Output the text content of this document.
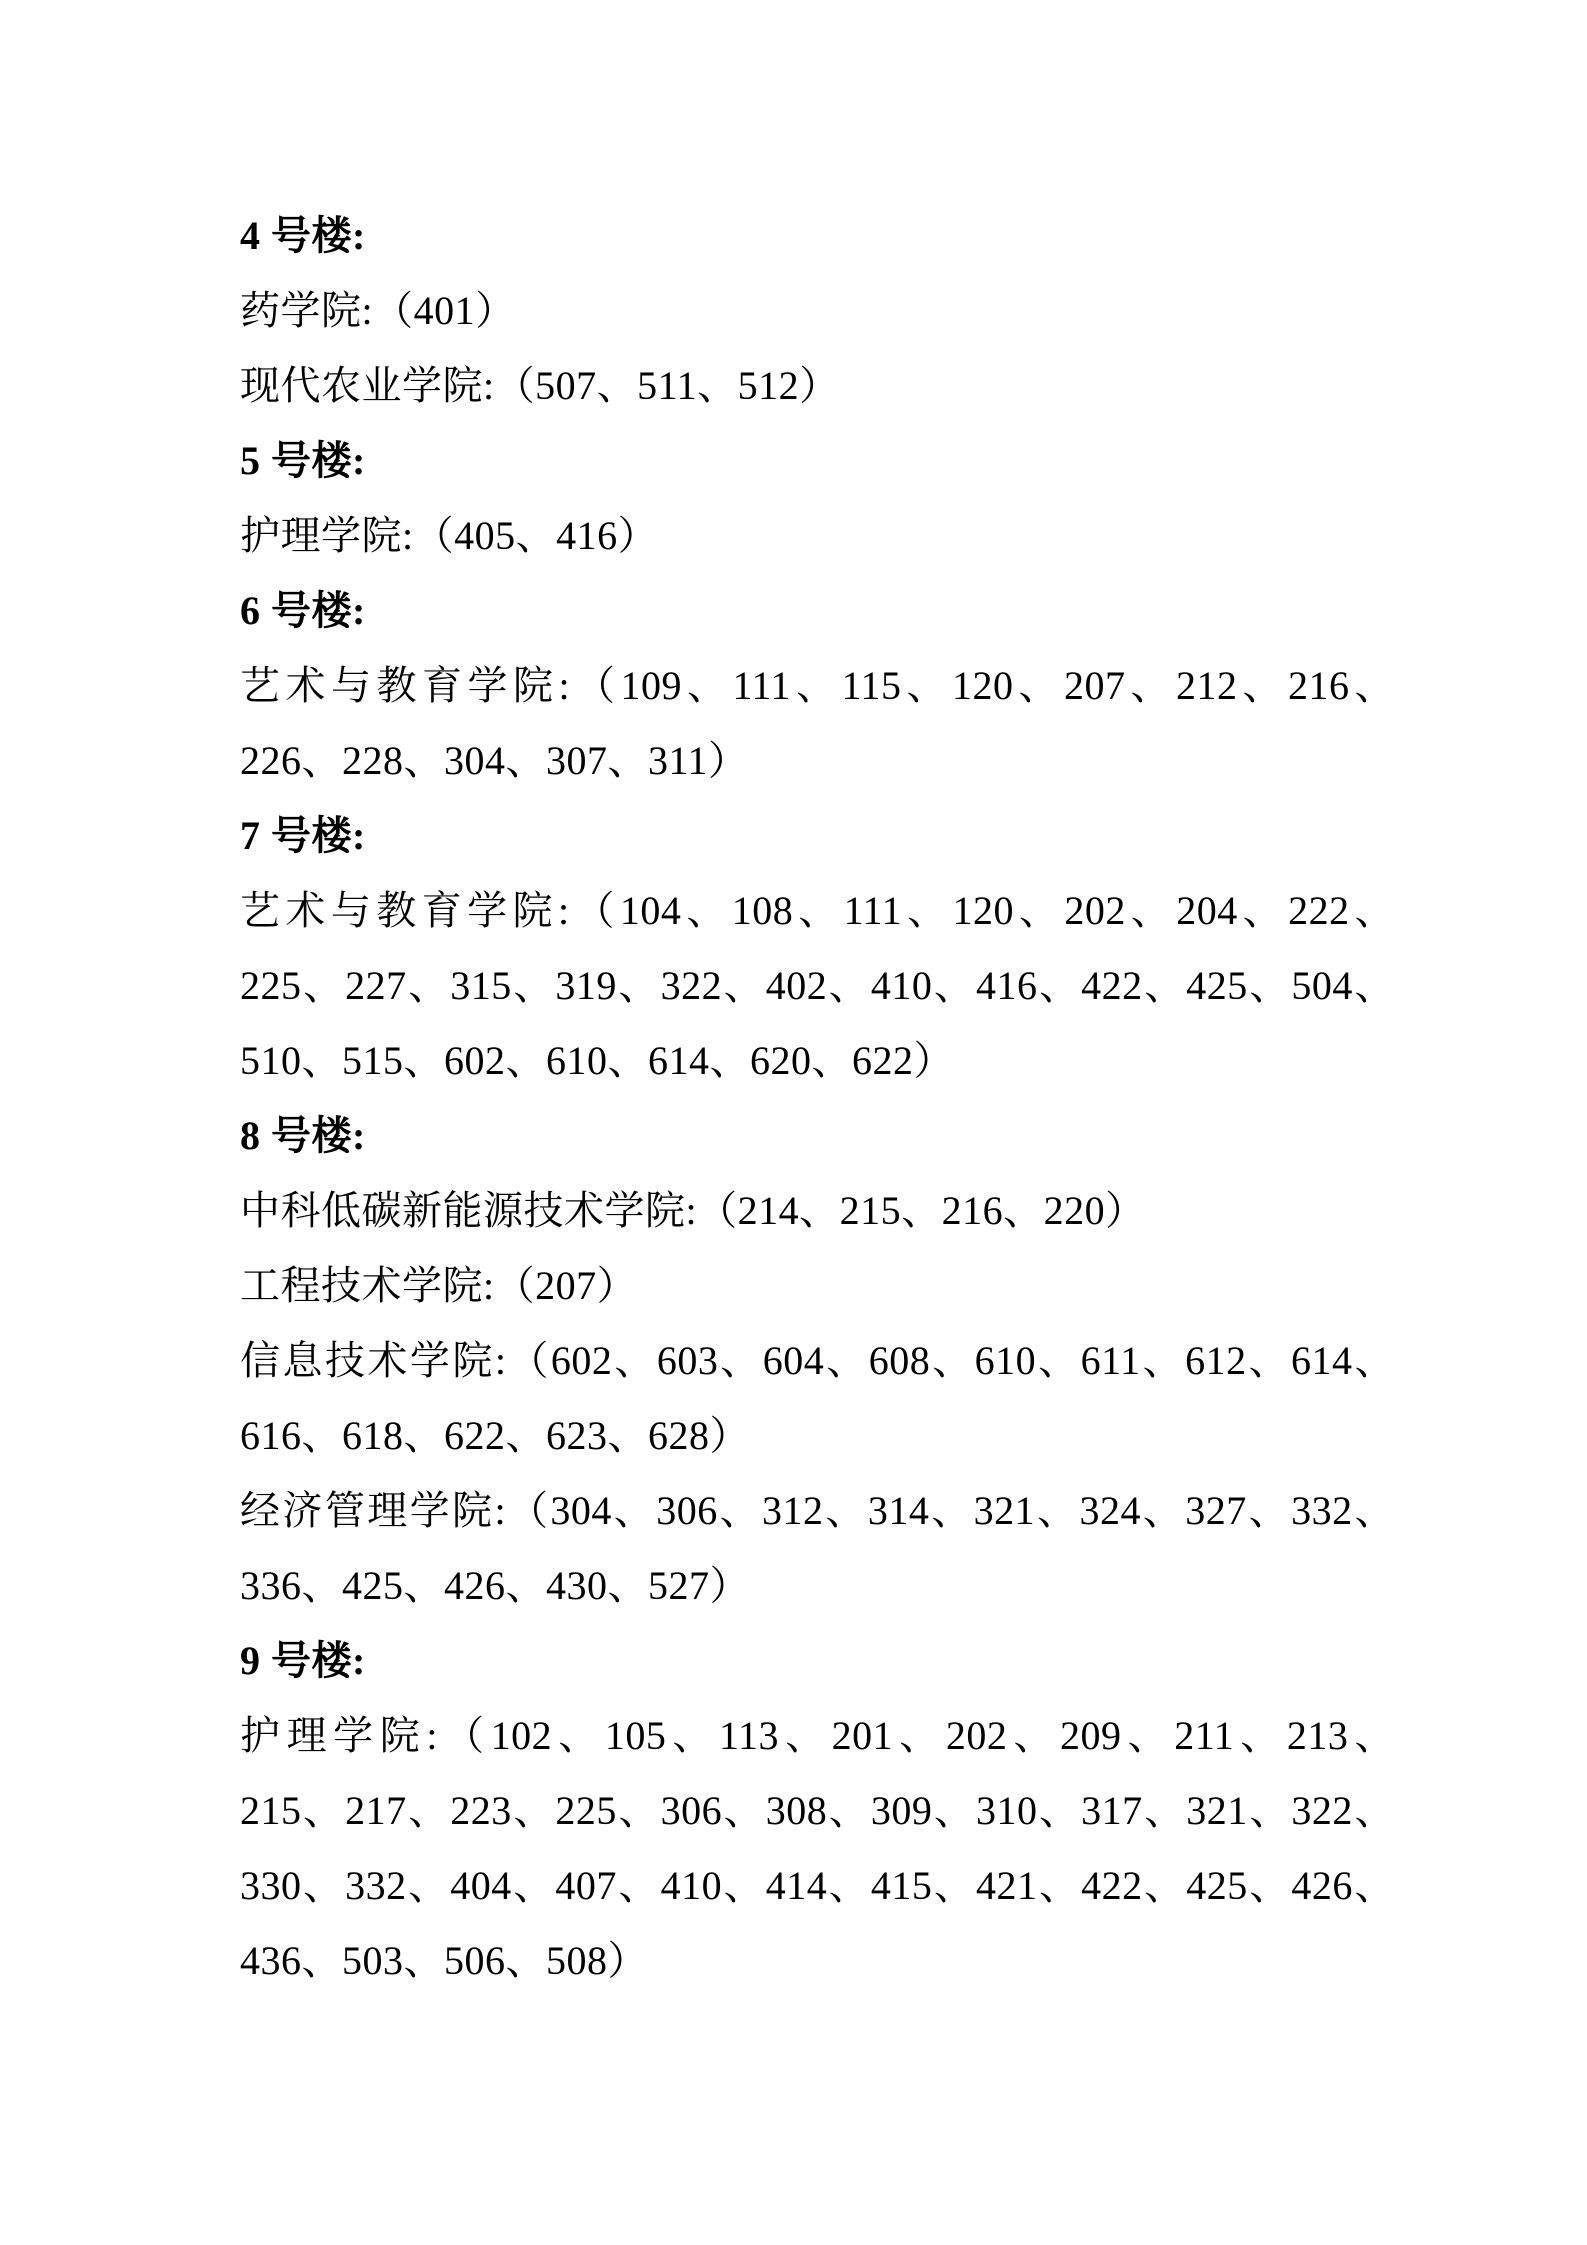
4 号楼:
药学院:（401）
现代农业学院:（507、511、512）
5 号楼:
护理学院:（405、416）
6 号楼:
艺术与教育学院:（109、111、115、120、207、212、216、
226、228、304、307、311）
7 号楼:
艺术与教育学院:（104、108、111、120、202、204、222、
225、227、315、319、322、402、410、416、422、425、504、
510、515、602、610、614、620、622）
8 号楼:
中科低碳新能源技术学院:（214、215、216、220）
工程技术学院:（207）
信息技术学院:（602、603、604、608、610、611、612、614、
616、618、622、623、628）
经济管理学院:（304、306、312、314、321、324、327、332、
336、425、426、430、527）
9 号楼:
护理学院:（102、105、113、201、202、209、211、213、
215、217、223、225、306、308、309、310、317、321、322、
330、332、404、407、410、414、415、421、422、425、426、
436、503、506、508）
